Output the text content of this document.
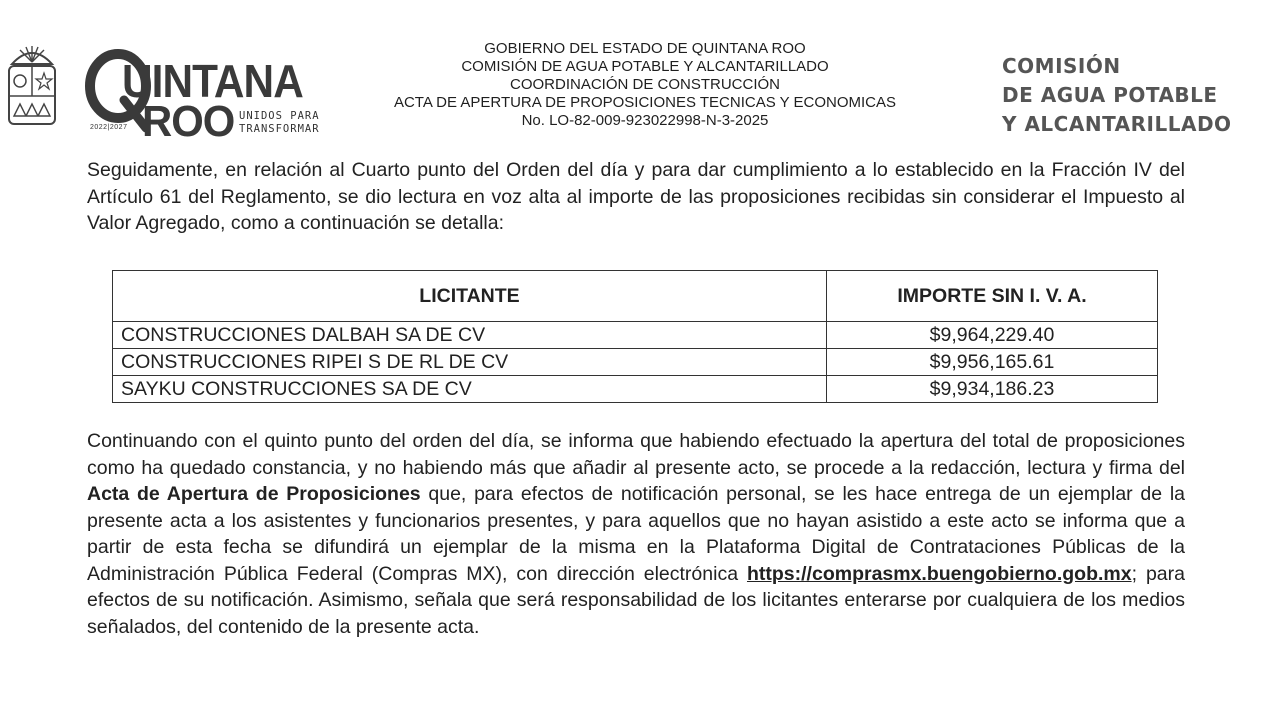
UINTANA
ROO UNIDOS PARA
TRANSFORMAR
2022|2027
GOBIERNO DEL ESTADO DE QUINTANA ROO
COMISIÓN DE AGUA POTABLE Y ALCANTARILLADO
COORDINACIÓN DE CONSTRUCCIÓN
ACTA DE APERTURA DE PROPOSICIONES TECNICAS Y ECONOMICAS
No. LO-82-009-923022998-N-3-2025
COMISIÓN
DE AGUA POTABLE
Y ALCANTARILLADO
Seguidamente, en relación al Cuarto punto del Orden del día y para dar cumplimiento a lo establecido en la Fracción IV del Artículo 61 del Reglamento, se dio lectura en voz alta al importe de las proposiciones recibidas sin considerar el Impuesto al Valor Agregado, como a continuación se detalla:
LICITANTE	IMPORTE SIN I. V. A.
CONSTRUCCIONES DALBAH SA DE CV	$9,964,229.40
CONSTRUCCIONES RIPEI S DE RL DE CV	$9,956,165.61
SAYKU CONSTRUCCIONES SA DE CV	$9,934,186.23
Continuando con el quinto punto del orden del día, se informa que habiendo efectuado la apertura del total de proposiciones como ha quedado constancia, y no habiendo más que añadir al presente acto, se procede a la redacción, lectura y firma del Acta de Apertura de Proposiciones que, para efectos de notificación personal, se les hace entrega de un ejemplar de la presente acta a los asistentes y funcionarios presentes, y para aquellos que no hayan asistido a este acto se informa que a partir de esta fecha se difundirá un ejemplar de la misma en la Plataforma Digital de Contrataciones Públicas de la Administración Pública Federal (Compras MX), con dirección electrónica https://comprasmx.buengobierno.gob.mx; para efectos de su notificación. Asimismo, señala que será responsabilidad de los licitantes enterarse por cualquiera de los medios señalados, del contenido de la presente acta.
